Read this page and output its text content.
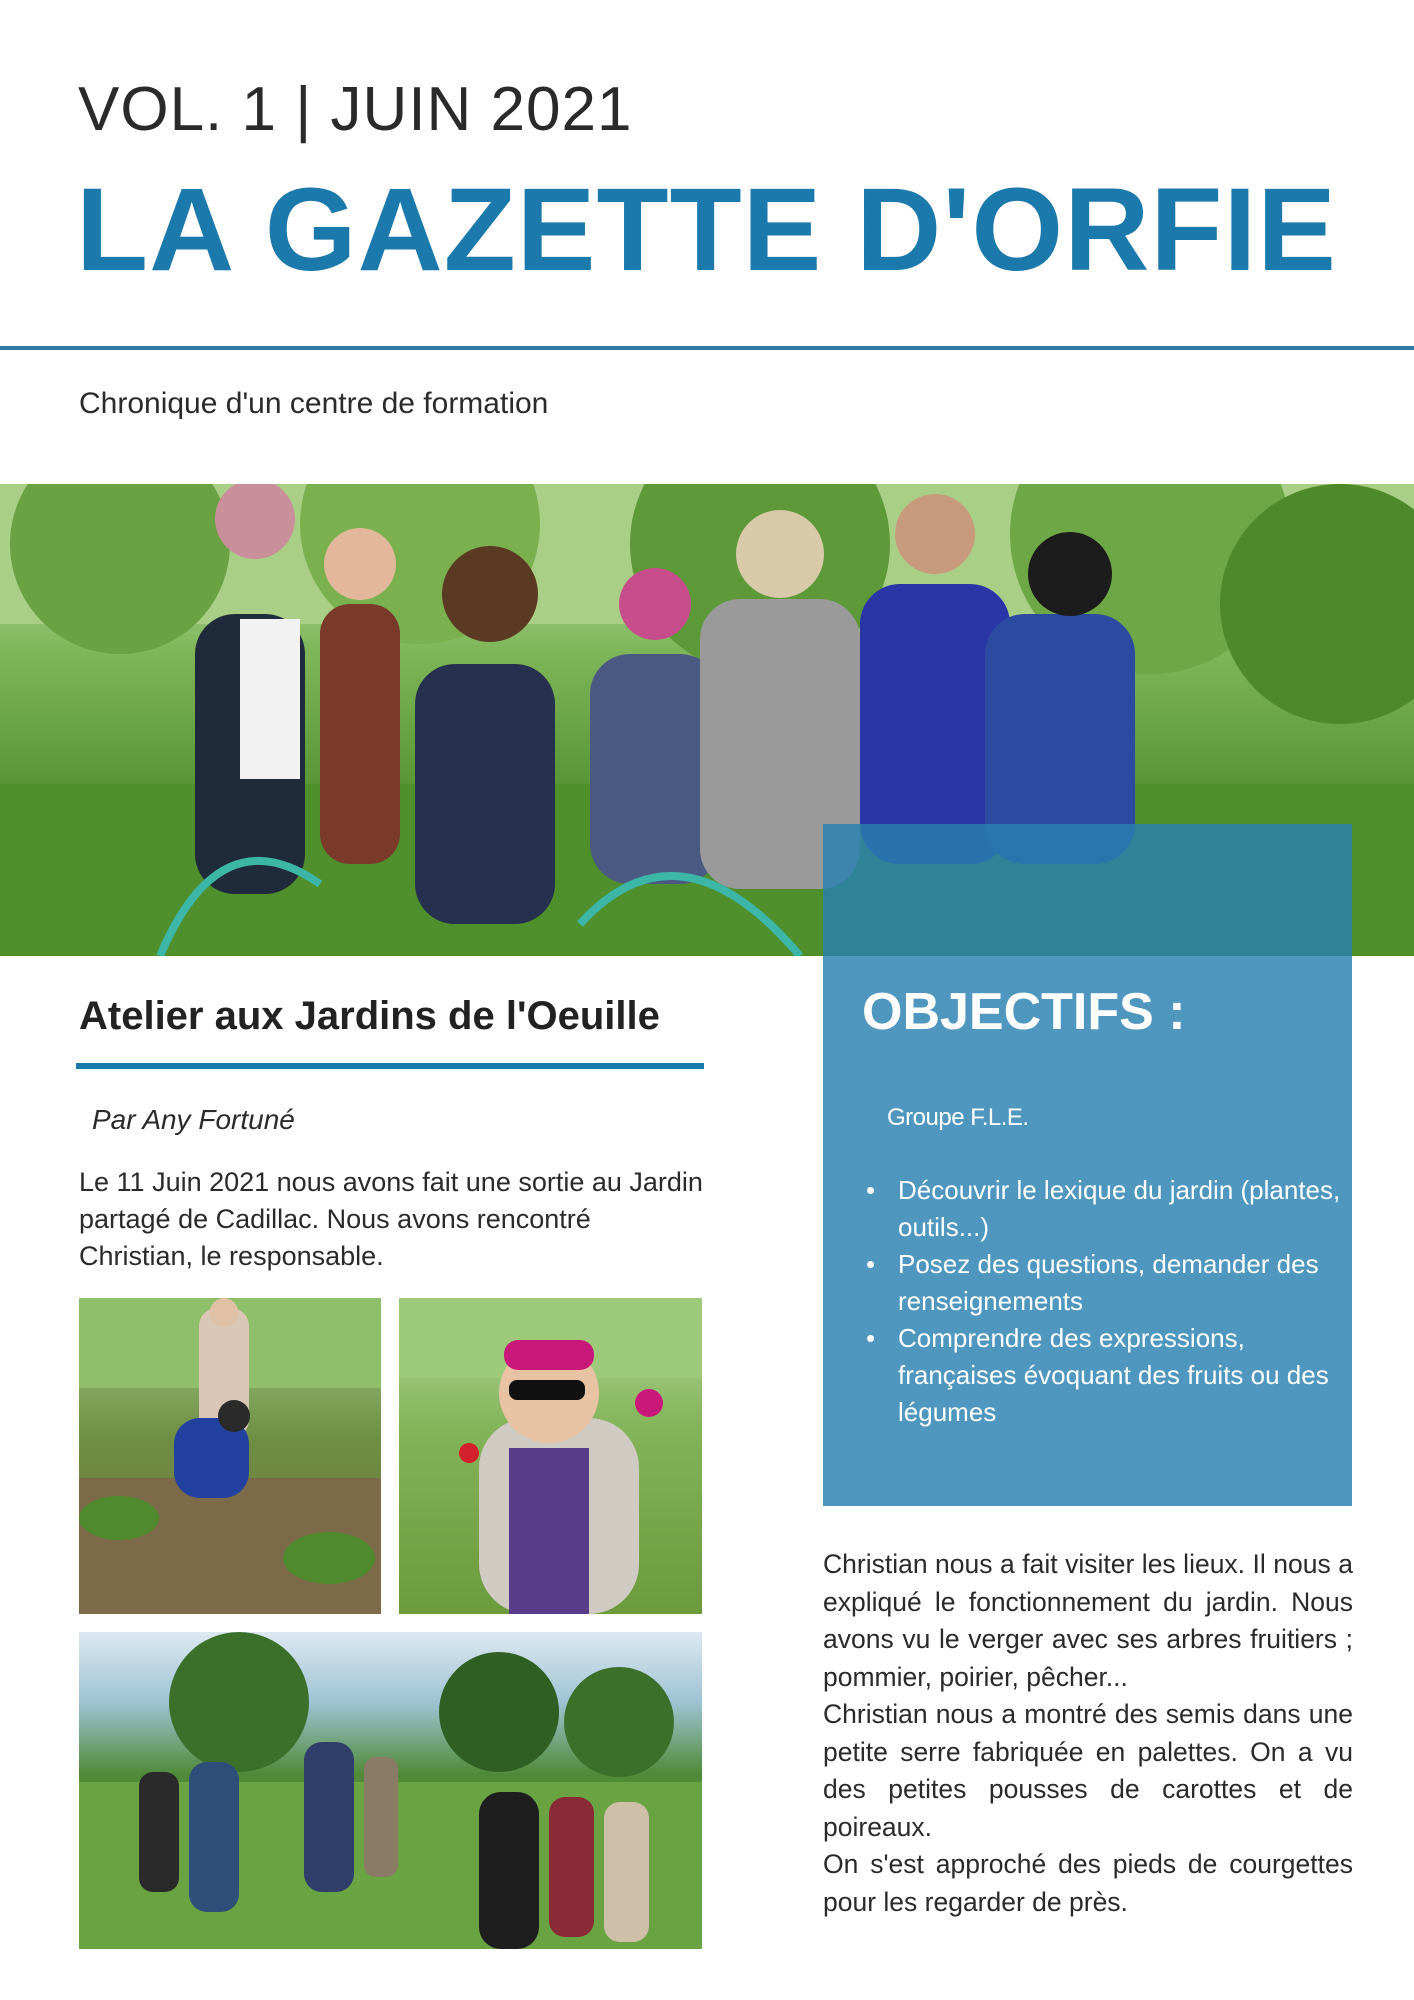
VOL. 1 | JUIN 2021
LA GAZETTE D'ORFIE
Chronique d'un centre de formation
OBJECTIFS :
Groupe F.L.E.
• Découvrir le lexique du jardin (plantes, outils...)
• Posez des questions, demander des renseignements
• Comprendre des expressions, françaises évoquant des fruits ou des légumes
Atelier aux Jardins de l'Oeuille
Par Any Fortuné
Le 11 Juin 2021 nous avons fait une sortie au Jardin partagé de Cadillac. Nous avons rencontré Christian, le responsable.

Christian nous a fait visiter les lieux. Il nous a expliqué le fonctionnement du jardin. Nous avons vu le verger avec ses arbres fruitiers ; pommier, poirier, pêcher...

Christian nous a montré des semis dans une petite serre fabriquée en palettes. On a vu des petites pousses de carottes et de poireaux.

On s'est approché des pieds de courgettes pour les regarder de près.
